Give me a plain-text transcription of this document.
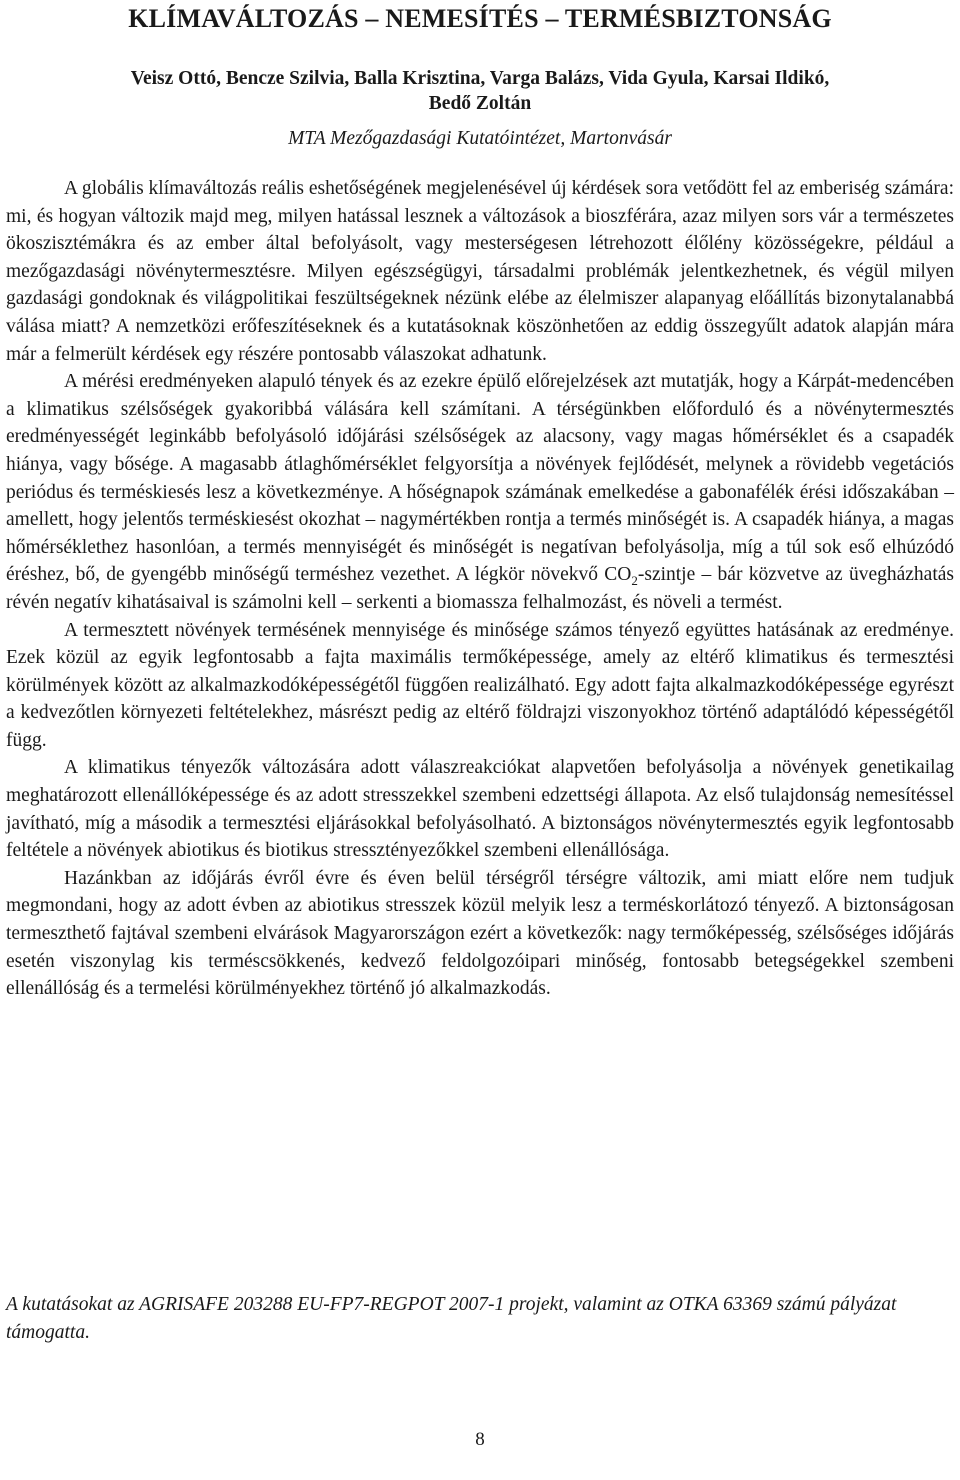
KLÍMAVÁLTOZÁS – NEMESÍTÉS – TERMÉSBIZTONSÁG
Veisz Ottó, Bencze Szilvia, Balla Krisztina, Varga Balázs, Vida Gyula, Karsai Ildikó,
Bedő Zoltán
MTA Mezőgazdasági Kutatóintézet, Martonvásár

A globális klímaváltozás reális eshetőségének megjelenésével új kérdések sora vetődött fel az emberiség számára: mi, és hogyan változik majd meg, milyen hatással lesznek a változások a bioszférára, azaz milyen sors vár a természetes ökoszisztémákra és az ember által befolyásolt, vagy mesterségesen létrehozott élőlény közösségekre, például a mezőgazdasági növénytermesztésre. Milyen egészségügyi, társadalmi problémák jelentkezhetnek, és végül milyen gazdasági gondoknak és világpolitikai feszültségeknek nézünk elébe az élelmiszer alapanyag előállítás bizonytalanabbá válása miatt? A nemzetközi erőfeszítéseknek és a kutatásoknak köszönhetően az eddig összegyűlt adatok alapján mára már a felmerült kérdések egy részére pontosabb válaszokat adhatunk.

A mérési eredményeken alapuló tények és az ezekre épülő előrejelzések azt mutatják, hogy a Kárpát-medencében a klimatikus szélsőségek gyakoribbá válására kell számítani. A térségünkben előforduló és a növénytermesztés eredményességét leginkább befolyásoló időjárási szélsőségek az alacsony, vagy magas hőmérséklet és a csapadék hiánya, vagy bősége. A magasabb átlaghőmérséklet felgyorsítja a növények fejlődését, melynek a rövidebb vegetációs periódus és terméskiesés lesz a következménye. A hőségnapok számának emelkedése a gabonafélék érési időszakában – amellett, hogy jelentős terméskiesést okozhat – nagymértékben rontja a termés minőségét is. A csapadék hiánya, a magas hőmérséklethez hasonlóan, a termés mennyiségét és minőségét is negatívan befolyásolja, míg a túl sok eső elhúzódó éréshez, bő, de gyengébb minőségű terméshez vezethet. A légkör növekvő $CO_2$-szintje – bár közvetve az üvegházhatás révén negatív kihatásaival is számolni kell – serkenti a biomassza felhalmozást, és növeli a termést.

A termesztett növények termésének mennyisége és minősége számos tényező együttes hatásának az eredménye. Ezek közül az egyik legfontosabb a fajta maximális termőképessége, amely az eltérő klimatikus és termesztési körülmények között az alkalmazkodóképességétől függően realizálható. Egy adott fajta alkalmazkodóképessége egyrészt a kedvezőtlen környezeti feltételekhez, másrészt pedig az eltérő földrajzi viszonyokhoz történő adaptálódó képességétől függ.

A klimatikus tényezők változására adott válaszreakciókat alapvetően befolyásolja a növények genetikailag meghatározott ellenállóképessége és az adott stresszekkel szembeni edzettségi állapota. Az első tulajdonság nemesítéssel javítható, míg a második a termesztési eljárásokkal befolyásolható. A biztonságos növénytermesztés egyik legfontosabb feltétele a növények abiotikus és biotikus stressztényezőkkel szembeni ellenállósága.

Hazánkban az időjárás évről évre és éven belül térségről térségre változik, ami miatt előre nem tudjuk megmondani, hogy az adott évben az abiotikus stresszek közül melyik lesz a terméskorlátozó tényező. A biztonságosan termeszthető fajtával szembeni elvárások Magyarországon ezért a következők: nagy termőképesség, szélsőséges időjárás esetén viszonylag kis terméscsökkenés, kedvező feldolgozóipari minőség, fontosabb betegségekkel szembeni ellenállóság és a termelési körülményekhez történő jó alkalmazkodás.

A kutatásokat az AGRISAFE 203288 EU-FP7-REGPOT 2007-1 projekt, valamint az OTKA 63369 számú pályázat támogatta.
8
